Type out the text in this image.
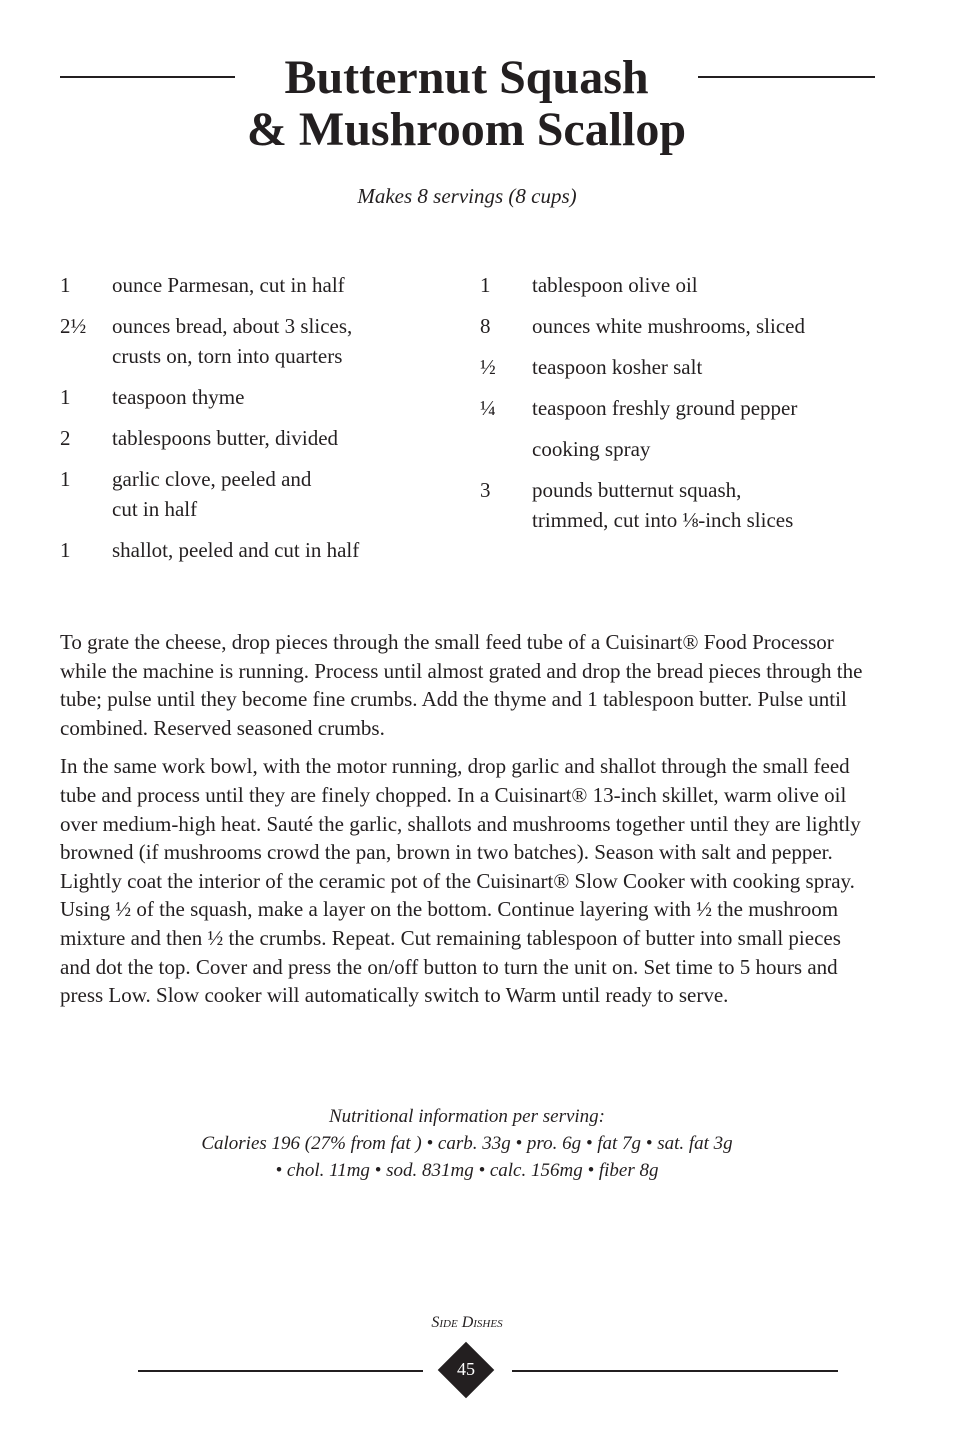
Butternut Squash
& Mushroom Scallop
Makes 8 servings (8 cups)
1	ounce Parmesan, cut in half
2½	ounces bread, about 3 slices,
crusts on, torn into quarters
1	teaspoon thyme
2	tablespoons butter, divided
1	garlic clove, peeled and
cut in half
1	shallot, peeled and cut in half
1	tablespoon olive oil
8	ounces white mushrooms, sliced
½	teaspoon kosher salt
¼	teaspoon freshly ground pepper
cooking spray
3	pounds butternut squash,
trimmed, cut into ⅛-inch slices

To grate the cheese, drop pieces through the small feed tube of a Cuisinart® Food Processor while the machine is running. Process until almost grated and drop the bread pieces through the tube; pulse until they become fine crumbs. Add the thyme and 1 tablespoon butter. Pulse until combined. Reserved seasoned crumbs.

In the same work bowl, with the motor running, drop garlic and shallot through the small feed tube and process until they are finely chopped. In a Cuisinart® 13-inch skillet, warm olive oil over medium-high heat. Sauté the garlic, shallots and mushrooms together until they are lightly browned (if mushrooms crowd the pan, brown in two batches). Season with salt and pepper. Lightly coat the interior of the ceramic pot of the Cuisinart® Slow Cooker with cooking spray. Using ½ of the squash, make a layer on the bottom. Continue layering with ½ the mushroom mixture and then ½ the crumbs. Repeat. Cut remaining tablespoon of butter into small pieces and dot the top. Cover and press the on/off button to turn the unit on. Set time to 5 hours and press Low. Slow cooker will automatically switch to Warm until ready to serve.

Nutritional information per serving:
Calories 196 (27% from fat ) • carb. 33g • pro. 6g • fat 7g • sat. fat 3g
• chol. 11mg • sod. 831mg • calc. 156mg • fiber 8g
Side Dishes
45
